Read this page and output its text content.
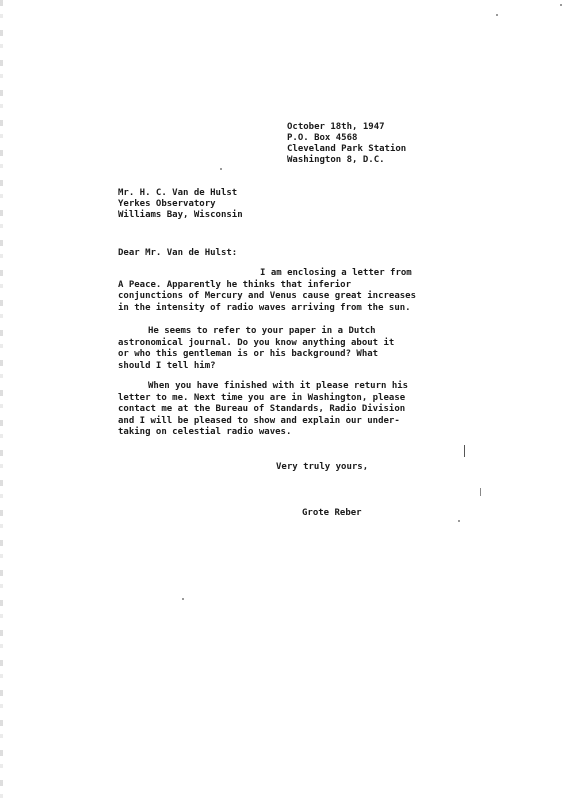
October 18th, 1947
P.O. Box 4568
Cleveland Park Station
Washington 8, D.C.
Mr. H. C. Van de Hulst
Yerkes Observatory
Williams Bay, Wisconsin
Dear Mr. Van de Hulst:
I am enclosing a letter from
A Peace. Apparently he thinks that inferior
conjunctions of Mercury and Venus cause great increases
in the intensity of radio waves arriving from the sun.
He seems to refer to your paper in a Dutch
astronomical journal. Do you know anything about it
or who this gentleman is or his background? What
should I tell him?
When you have finished with it please return his
letter to me. Next time you are in Washington, please
contact me at the Bureau of Standards, Radio Division
and I will be pleased to show and explain our under-
taking on celestial radio waves.
Very truly yours,
Grote Reber
